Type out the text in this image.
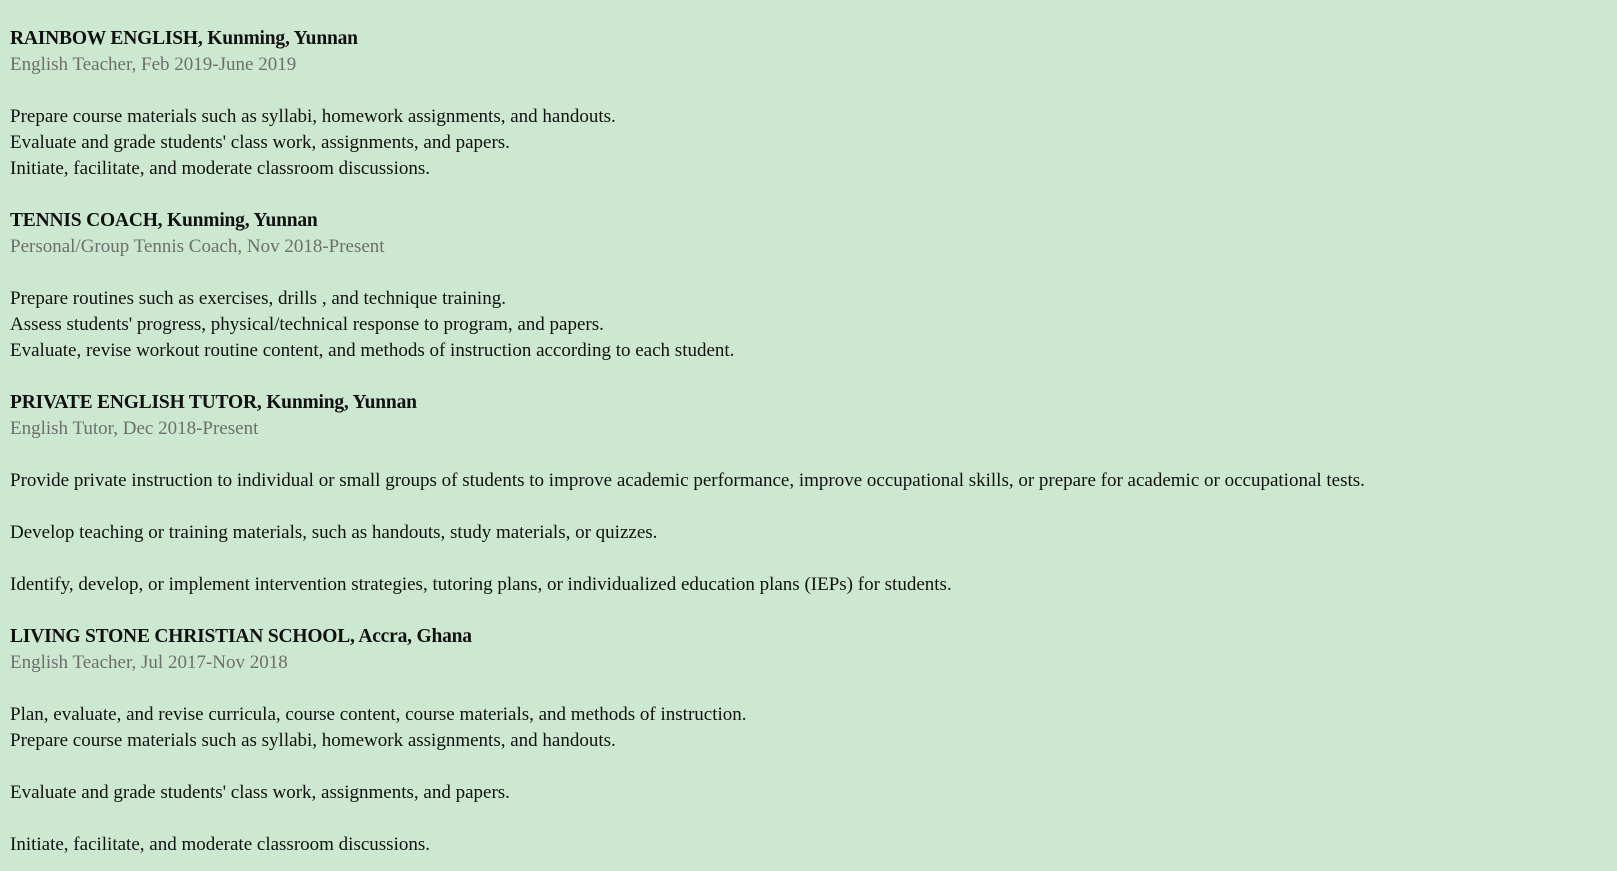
RAINBOW ENGLISH, Kunming, Yunnan

English Teacher, Feb 2019-June 2019

Prepare course materials such as syllabi, homework assignments, and handouts.

Evaluate and grade students' class work, assignments, and papers.

Initiate, facilitate, and moderate classroom discussions.

TENNIS COACH, Kunming, Yunnan

Personal/Group Tennis Coach, Nov 2018-Present

Prepare routines such as exercises, drills , and technique training.

Assess students' progress, physical/technical response to program, and papers.

Evaluate, revise workout routine content, and methods of instruction according to each student.

PRIVATE ENGLISH TUTOR, Kunming, Yunnan

English Tutor, Dec 2018-Present

Provide private instruction to individual or small groups of students to improve academic performance, improve occupational skills, or prepare for academic or occupational tests.

Develop teaching or training materials, such as handouts, study materials, or quizzes.

Identify, develop, or implement intervention strategies, tutoring plans, or individualized education plans (IEPs) for students.

LIVING STONE CHRISTIAN SCHOOL, Accra, Ghana

English Teacher, Jul 2017-Nov 2018

Plan, evaluate, and revise curricula, course content, course materials, and methods of instruction.

Prepare course materials such as syllabi, homework assignments, and handouts.

Evaluate and grade students' class work, assignments, and papers.

Initiate, facilitate, and moderate classroom discussions.
